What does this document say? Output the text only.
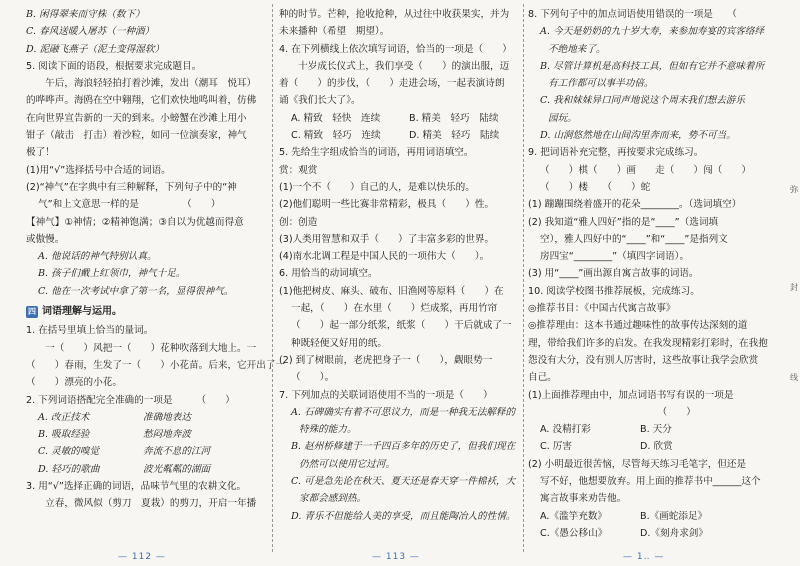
B. 闲得翠来而守株（数下）

C. 春风送暖入屠苏（一种酒）

D. 泥融飞燕子（泥土变得湿软）

5. 阅读下面的语段，根据要求完成题目。

　　午后，海浪轻轻拍打着沙滩，发出（潮耳　悦耳）

的哗哗声。海鸥在空中翱翔，它们欢快地鸣叫着，仿佛

在向世界宣告新的一天的到来。小螃蟹在沙滩上用小

钳子（敲击　打击）着沙粒，如同一位演奏家，神气

极了！

(1)用“√”选择括号中合适的词语。

(2)“神气”在字典中有三种解释，下列句子中的“神

气”和上文意思一样的是　　　　　（　　）

【神气】①神情；②精神饱满；③自以为优越而得意

或傲慢。

A. 他说话的神气特别认真。

B. 孩子们戴上红领巾，神气十足。

C. 他在一次考试中拿了第一名，显得很神气。

四 词语理解与运用。

1. 在括号里填上恰当的量词。

　　一（　　）风把一（　　）花种吹落到大地上。一

（　　）春雨，生发了一（　　）小花苗。后来，它开出了一

（　　）漂亮的小花。

2. 下列词语搭配完全准确的一项是　　　（　　）

A. 改正技术	准确地表达
B. 吸取经验	愁闷地奔波
C. 灵敏的嗅觉	奔流不息的江河
D. 轻巧的歌曲	波光粼粼的湖面

3. 用“√”选择正确的词语，品味节气里的农耕文化。

　　立春，微风似（剪刀　夏栽）的剪刀，开启一年播

种的时节。芒种，抢收抢种，从过往中收获果实，并为

未来播种（希望　期望）。

4. 在下列横线上依次填写词语，恰当的一项是（　　）

　　十岁成长仪式上，我们享受（　　）的演出服，迈

着（　　）的步伐，（　　）走进会场，一起表演诗朗

诵《我们长大了》。

A. 精致　轻快　连续	B. 精美　轻巧　陆续
C. 精致　轻巧　连续	D. 精美　轻巧　陆续

5. 先给生字组成恰当的词语，再用词语填空。

赏：观赏　　　　　　　　

(1)一个不（　　）自己的人，是难以快乐的。

(2)他们聪明一些比赛非常精彩，极具（　　）性。

创：创造

(3)人类用智慧和双手（　　）了丰富多彩的世界。

(4)南水北调工程是中国人民的一项伟大（　　）。

6. 用恰当的动词填空。

(1)他把树皮、麻头、破布、旧渔网等原料（　　）在

一起，（　　）在水里（　　）烂成浆，再用竹帘

（　　）起一部分纸浆，纸浆（　　）干后就成了一

种既轻便又好用的纸。

(2) 到了树眼前，老虎把身子一（　　），觑眼势一

（　　）。

7. 下列加点的关联词语使用不当的一项是（　　）

A. 石碑确实有着不可思议力，而是一种我无法解释的

特殊的能力。

B. 赵州桥修建于一千四百多年的历史了，但我们现在

仍然可以使用它过河。

C. 可是急先论在秋天、夏天还是春天穿一件棉袄，大

家都会感到热。

D. 青乐不但能给人美的享受，而且能陶冶人的性情。

8. 下列句子中的加点词语使用错误的一项是　　（

A. 今天是奶奶的九十岁大寿，来参加寿宴的宾客络绎

不绝地来了。

B. 尽管计算机是高科技工具，但如有它并不意味着所

有工作都可以事半功倍。

C. 我和妹妹异口同声地说这个周末我们想去游乐

园玩。

D. 山涧悠然地在山间沟里奔而来，势不可当。

9. 把词语补充完整，再按要求完成练习。

（　　）棋（　　）画　　走（　　）闯（　　）

（　　）楼　　（　　）蛇

(1) 蹦蹦围绕着盛开的花朵________。（选词填空）

(2) 我知道“雅人四好”指的是“____”（选词填

空），雅人四好中的“____”和“____”是指列文

房四宝“________”（填四字词语）。

(3) 用“____”画出源自寓言故事的词语。

10. 阅读学校图书推荐展板，完成练习。

◎推荐书目：《中国古代寓言故事》

◎推荐理由：这本书通过趣味性的故事传达深刻的道

理，带给我们许多的启发。在我发现精彩打彩时，在我抱

怨没有大分，没有别人厉害时，这些故事让我学会欣赏

自己。

(1)上面推荐理由中，加点词语书写有误的一项是

　　　　　　　　　　　　　　（　　）

A. 没精打彩	B. 天分
C. 厉害	D. 欣赏

(2) 小明最近很苦恼，尽管每天练习毛笔字，但还是

写不好，他想要放弃。用上面的推荐书中______这个

寓言故事来劝告他。

A.《滥竽充数》	B.《画蛇添足》
C.《愚公移山》	D.《刻舟求剑》
— 112 —	— 113 —	— 1‥ —
弥
封
线
